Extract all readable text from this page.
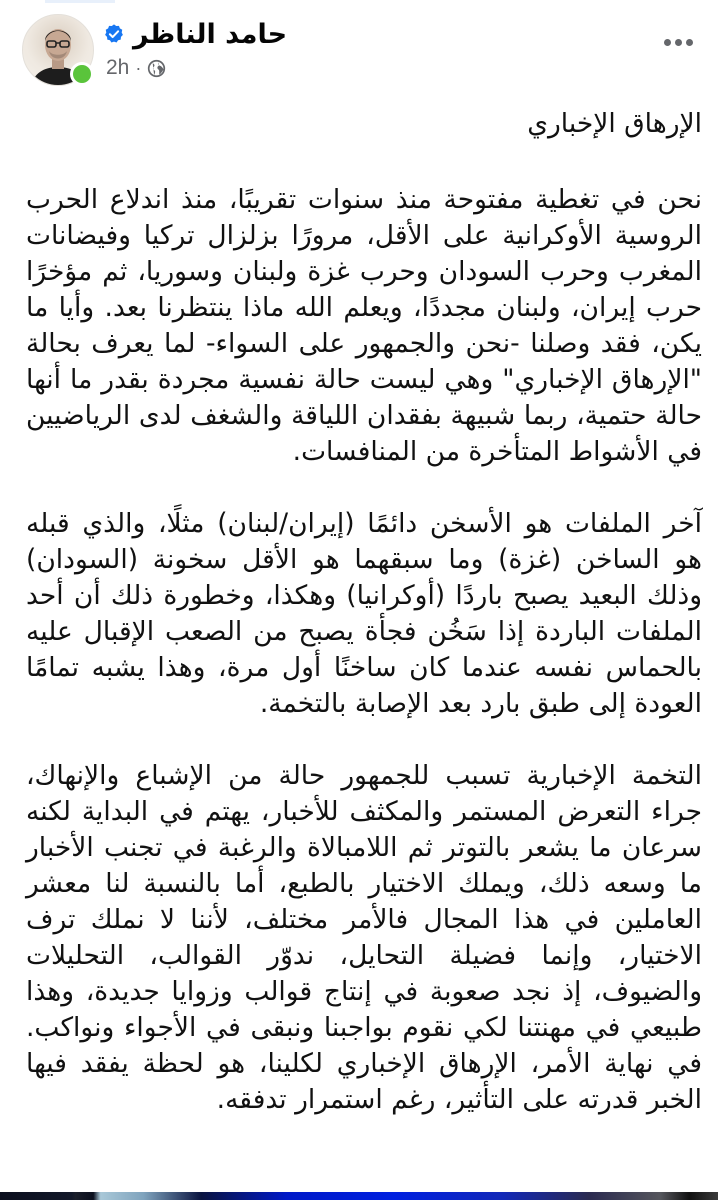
حامد الناظر
2h ·
الإرهاق الإخباري

نحن في تغطية مفتوحة منذ سنوات تقريبًا، منذ اندلاع الحرب الروسية الأوكرانية على الأقل، مرورًا بزلزال تركيا وفيضانات المغرب وحرب السودان وحرب غزة ولبنان وسوريا، ثم مؤخرًا حرب إيران، ولبنان مجددًا، ويعلم الله ماذا ينتظرنا بعد. وأيا ما يكن، فقد وصلنا -نحن والجمهور على السواء- لما يعرف بحالة "الإرهاق الإخباري" وهي ليست حالة نفسية مجردة بقدر ما أنها حالة حتمية، ربما شبيهة بفقدان اللياقة والشغف لدى الرياضيين في الأشواط المتأخرة من المنافسات.

آخر الملفات هو الأسخن دائمًا (إيران/لبنان) مثلًا، والذي قبله هو الساخن (غزة) وما سبقهما هو الأقل سخونة (السودان) وذلك البعيد يصبح باردًا (أوكرانيا) وهكذا، وخطورة ذلك أن أحد الملفات الباردة إذا سَخُن فجأة يصبح من الصعب الإقبال عليه بالحماس نفسه عندما كان ساخنًا أول مرة، وهذا يشبه تمامًا العودة إلى طبق بارد بعد الإصابة بالتخمة.

التخمة الإخبارية تسبب للجمهور حالة من الإشباع والإنهاك، جراء التعرض المستمر والمكثف للأخبار، يهتم في البداية لكنه سرعان ما يشعر بالتوتر ثم اللامبالاة والرغبة في تجنب الأخبار ما وسعه ذلك، ويملك الاختيار بالطبع، أما بالنسبة لنا معشر العاملين في هذا المجال فالأمر مختلف، لأننا لا نملك ترف الاختيار، وإنما فضيلة التحايل، ندوّر القوالب، التحليلات والضيوف، إذ نجد صعوبة في إنتاج قوالب وزوايا جديدة، وهذا طبيعي في مهنتنا لكي نقوم بواجبنا ونبقى في الأجواء ونواكب. في نهاية الأمر، الإرهاق الإخباري لكلينا، هو لحظة يفقد فيها الخبر قدرته على التأثير، رغم استمرار تدفقه.
